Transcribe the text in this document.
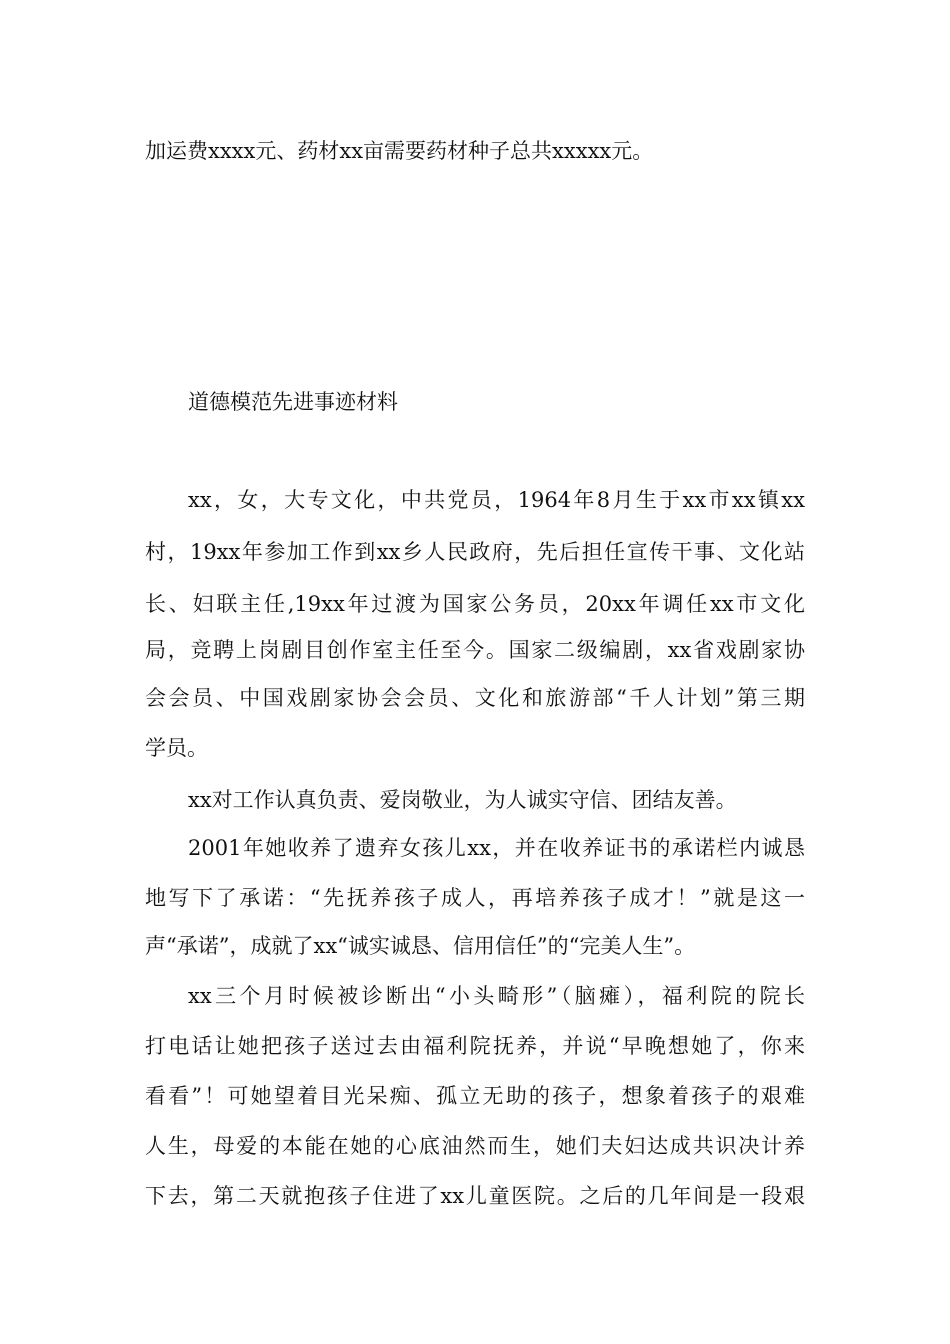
加运费xxxx元、药材xx亩需要药材种子总共xxxxx元。
道德模范先进事迹材料
xx，女，大专文化，中共党员，1964年8月生于xx市xx镇xx
村，19xx年参加工作到xx乡人民政府，先后担任宣传干事、文化站
长、妇联主任,19xx年过渡为国家公务员，20xx年调任xx市文化
局，竞聘上岗剧目创作室主任至今。国家二级编剧，xx省戏剧家协
会会员、中国戏剧家协会会员、文化和旅游部“千人计划”第三期
学员。
xx对工作认真负责、爱岗敬业，为人诚实守信、团结友善。
2001年她收养了遗弃女孩儿xx，并在收养证书的承诺栏内诚恳
地写下了承诺：“先抚养孩子成人，再培养孩子成才！”就是这一
声“承诺”，成就了xx“诚实诚恳、信用信任”的“完美人生”。
xx三个月时候被诊断出“小头畸形”（脑瘫），福利院的院长
打电话让她把孩子送过去由福利院抚养，并说“早晚想她了，你来
看看”！可她望着目光呆痴、孤立无助的孩子，想象着孩子的艰难
人生，母爱的本能在她的心底油然而生，她们夫妇达成共识决计养
下去，第二天就抱孩子住进了xx儿童医院。之后的几年间是一段艰
